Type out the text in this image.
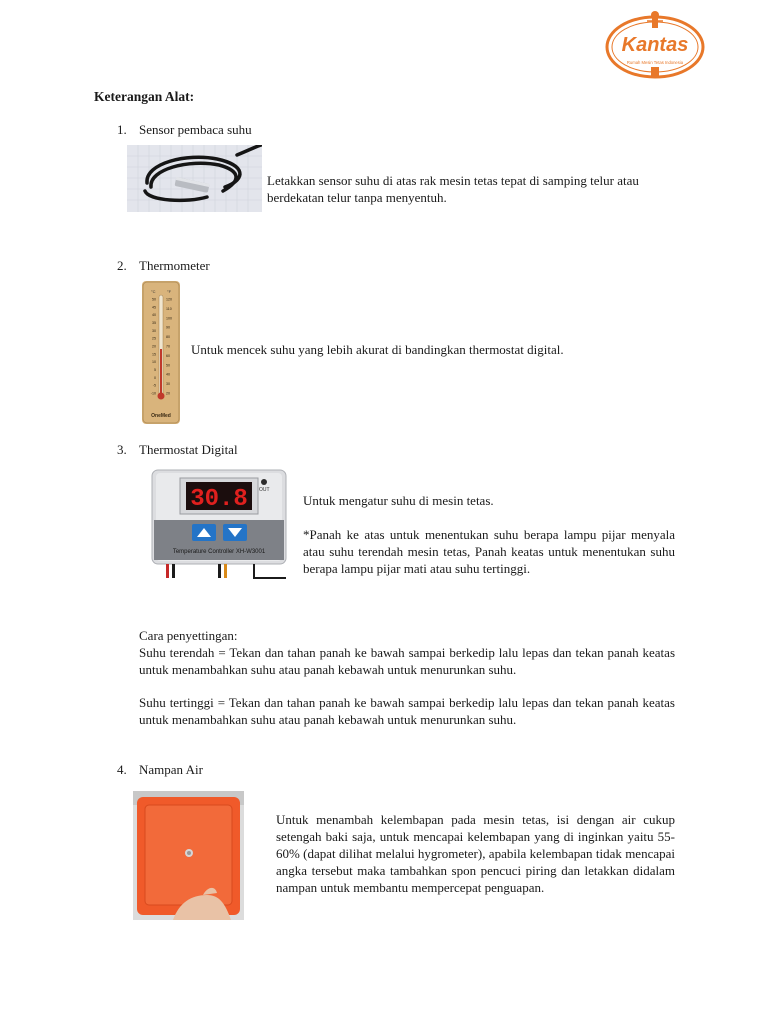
Kantas
Rumah Mesin Tetas Indonesia
Keterangan Alat:
1. Sensor pembaca suhu
Letakkan sensor suhu di atas rak mesin tetas tepat di samping telur atau berdekatan telur tanpa menyentuh.
2. Thermometer
°C	°F
50
45
40
35
30
25
20
15
10
5
0
-5
-10
120
110
100
90
80
70
60
50
40
30
20
OneMed
Untuk mencek suhu yang lebih akurat di bandingkan thermostat digital.
3. Thermostat Digital
30.8 OUT
Temperature Controller XH-W3001
Untuk mengatur suhu di mesin tetas.
*Panah ke atas untuk menentukan suhu berapa lampu pijar menyala atau suhu terendah mesin tetas, Panah keatas untuk menentukan suhu berapa lampu pijar mati atau suhu tertinggi.
Cara penyettingan:
Suhu terendah = Tekan dan tahan panah ke bawah sampai berkedip lalu lepas dan tekan panah keatas untuk menambahkan suhu atau panah kebawah untuk menurunkan suhu.
Suhu tertinggi = Tekan dan tahan panah ke bawah sampai berkedip lalu lepas dan tekan panah keatas untuk menambahkan suhu atau panah kebawah untuk menurunkan suhu.
4. Nampan Air
Untuk menambah kelembapan pada mesin tetas, isi dengan air cukup setengah baki saja, untuk mencapai kelembapan yang di inginkan yaitu 55-60% (dapat dilihat melalui hygrometer), apabila kelembapan tidak mencapai angka tersebut maka tambahkan spon pencuci piring dan letakkan didalam nampan untuk membantu mempercepat penguapan.
